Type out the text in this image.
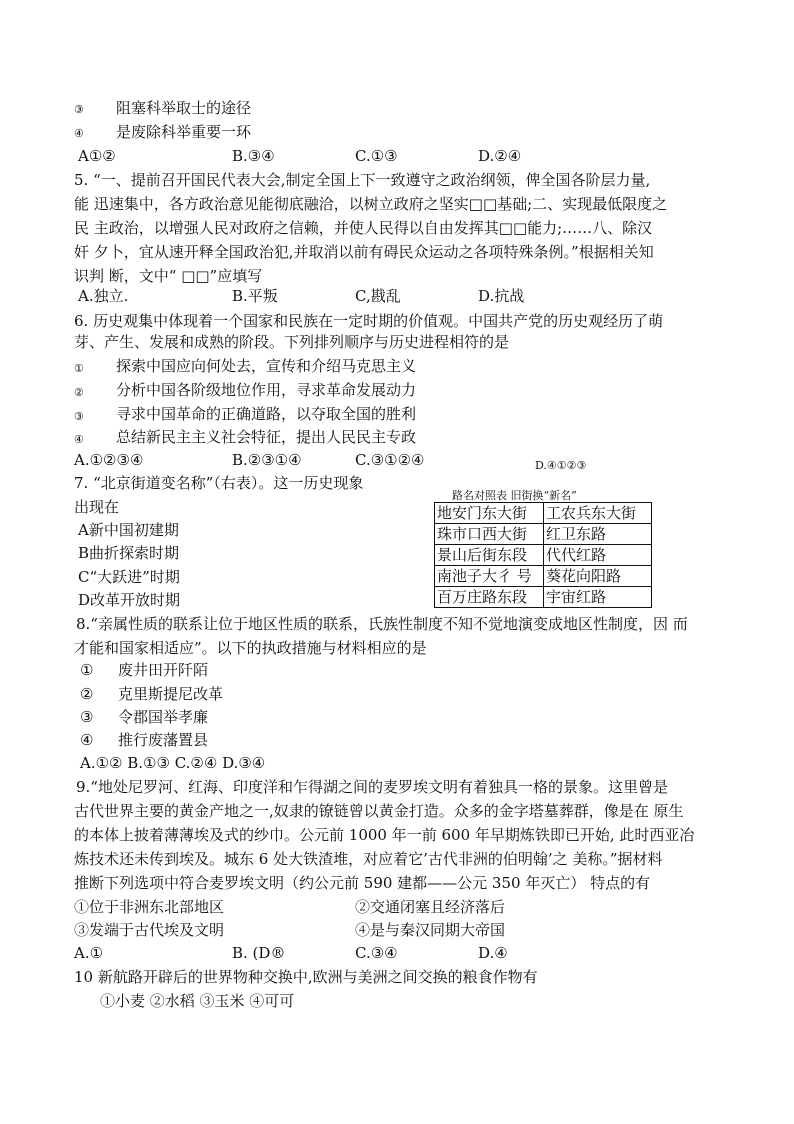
③ 阻塞科举取士的途径
④ 是废除科举重要一环
A①②	B.③④	C.①③	D.②④
5. “一、提前召开国民代表大会,制定全国上下一致遵守之政治纲领，俾全国各阶层力量,
能 迅速集中，各方政治意见能彻底融洽，以树立政府之坚实□□基础;二、实现最低限度之
民 主政治，以增强人民对政府之信赖，并使人民得以自由发挥其□□能力;……八、除汉
奸 夕卜，宜从速开释全国政治犯,并取消以前有碍民众运动之各项特殊条例。”根据相关知
识判 断，文中“ □□”应填写
A.独立.	B.平叛	C,戡乱	D.抗战
6. 历史观集中体现着一个国家和民族在一定时期的价值观。中国共产党的历史观经历了萌
芽、产生、发展和成熟的阶段。下列排列顺序与历史进程相符的是
① 探索中国应向何处去，宣传和介绍马克思主义
② 分析中国各阶级地位作用，寻求革命发展动力
③ 寻求中国革命的正确道路，以夺取全国的胜利
④ 总结新民主主义社会特征，提出人民民主专政
A.①②③④	B.②③①④	C.③①②④	D.④①②③
7. “北京街道变名称”（右表）。这一历史现象
出现在
A新中国初建期
B曲折探索时期
C“大跃进”时期
D改革开放时期
路名对照表 旧街换“新名”
地安门东大街	工农兵东大街
珠市口西大街	红卫东路
景山后街东段	代代红路
南池子大彳 号	葵花向阳路
百万庄路东段	宇宙红路
8.“亲属性质的联系让位于地区性质的联系，氏族性制度不知不觉地演变成地区性制度，因 而
才能和国家相适应”。以下的执政措施与材料相应的是
① 废井田开阡陌
② 克里斯提尼改革
③ 令郡国举孝廉
④ 推行废藩置县
A.①② B.①③ C.②④ D.③④
9.“地处尼罗河、红海、印度洋和乍得湖之间的麦罗埃文明有着独具一格的景象。这里曾是
古代世界主要的黄金产地之一,奴隶的镣链曾以黄金打造。众多的金字塔墓葬群，像是在 原生
的本体上披着薄薄埃及式的纱巾。公元前 1000 年一前 600 年早期炼铁即已开始, 此时西亚冶
炼技术还未传到埃及。城东 6 处大铁渣堆，对应着它’古代非洲的伯明翰’之 美称。”据材料
推断下列选项中符合麦罗埃文明（约公元前 590 建都——公元 350 年灭亡） 特点的有
①位于非洲东北部地区	②交通闭塞且经济落后
③发端于古代埃及文明	④是与秦汉同期大帝国
A.①	B. (D®	C.③④	D.④
10 新航路开辟后的世界物种交换中,欧洲与美洲之间交换的粮食作物有
①小麦 ②水稻 ③玉米 ④可可
